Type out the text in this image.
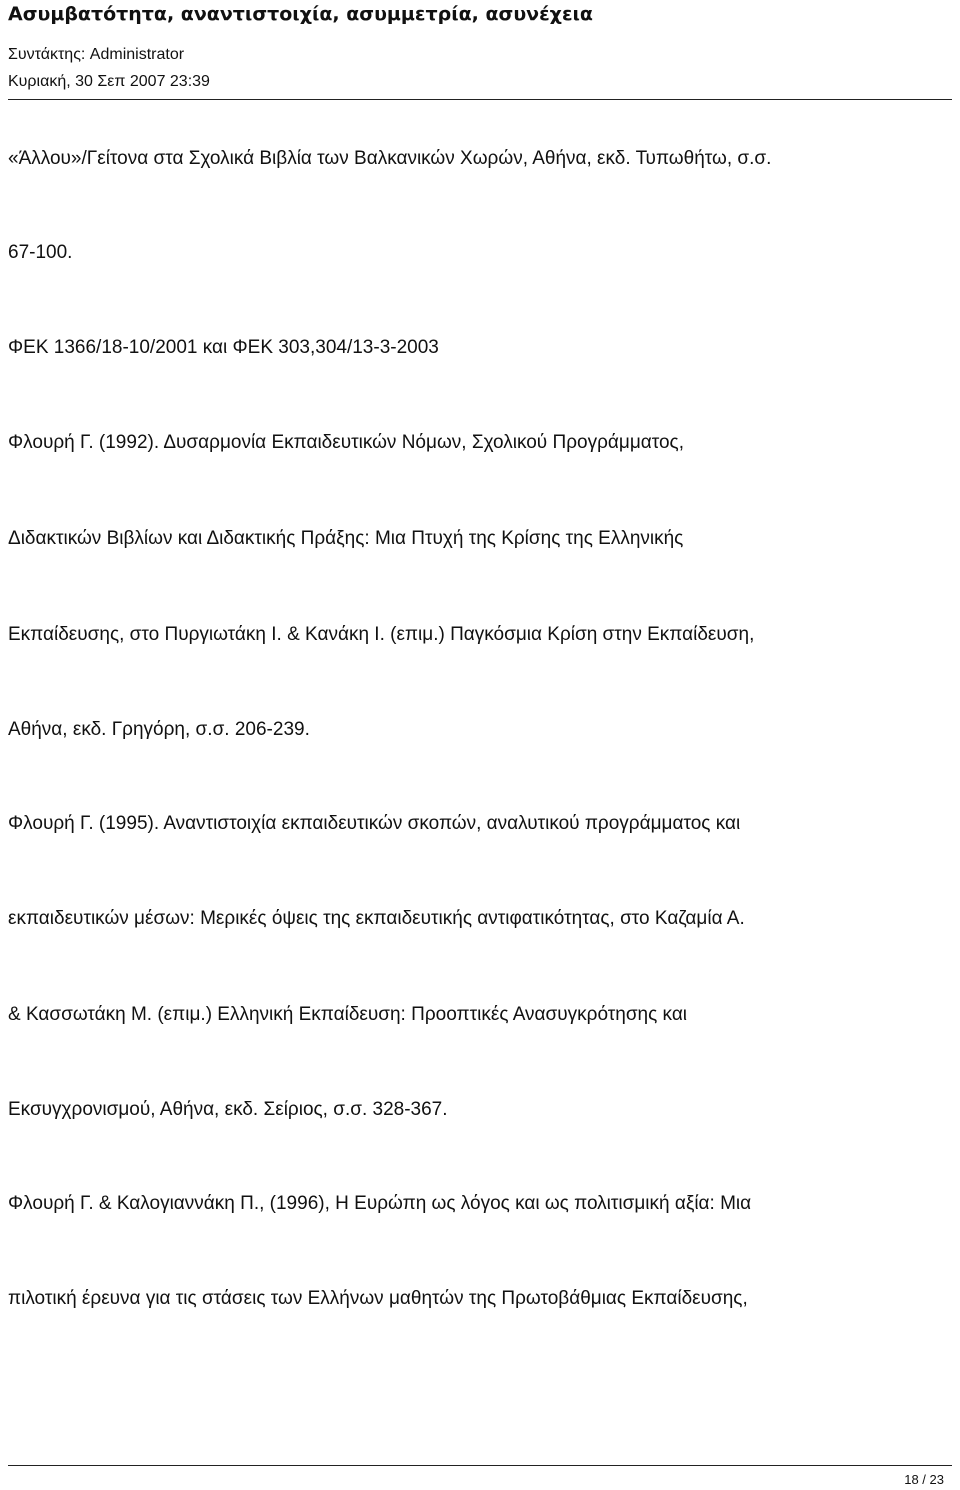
Ασυμβατότητα, αναντιστοιχία, ασυμμετρία, ασυνέχεια
Συντάκτης: Administrator
Κυριακή, 30 Σεπ 2007 23:39
«Άλλου»/Γείτονα στα Σχολικά Βιβλία των Βαλκανικών Χωρών, Αθήνα, εκδ. Τυπωθήτω, σ.σ.
67-100.
ΦΕΚ 1366/18-10/2001 και ΦΕΚ 303,304/13-3-2003
Φλουρή Γ. (1992). Δυσαρμονία Εκπαιδευτικών Νόμων, Σχολικού Προγράμματος,
Διδακτικών Βιβλίων και Διδακτικής Πράξης: Μια Πτυχή της Κρίσης της Ελληνικής
Εκπαίδευσης, στο Πυργιωτάκη Ι. & Κανάκη Ι. (επιμ.) Παγκόσμια Κρίση στην Εκπαίδευση,
Αθήνα, εκδ. Γρηγόρη, σ.σ. 206-239.
Φλουρή Γ. (1995). Αναντιστοιχία εκπαιδευτικών σκοπών, αναλυτικού προγράμματος και
εκπαιδευτικών μέσων: Μερικές όψεις της εκπαιδευτικής αντιφατικότητας, στο Καζαμία Α.
& Κασσωτάκη Μ. (επιμ.) Ελληνική Εκπαίδευση: Προοπτικές Ανασυγκρότησης και
Εκσυγχρονισμού, Αθήνα, εκδ. Σείριος, σ.σ. 328-367.
Φλουρή Γ. & Καλογιαννάκη Π., (1996), Η Ευρώπη ως λόγος και ως πολιτισμική αξία: Μια
πιλοτική έρευνα για τις στάσεις των Ελλήνων μαθητών της Πρωτοβάθμιας Εκπαίδευσης,
18 / 23
